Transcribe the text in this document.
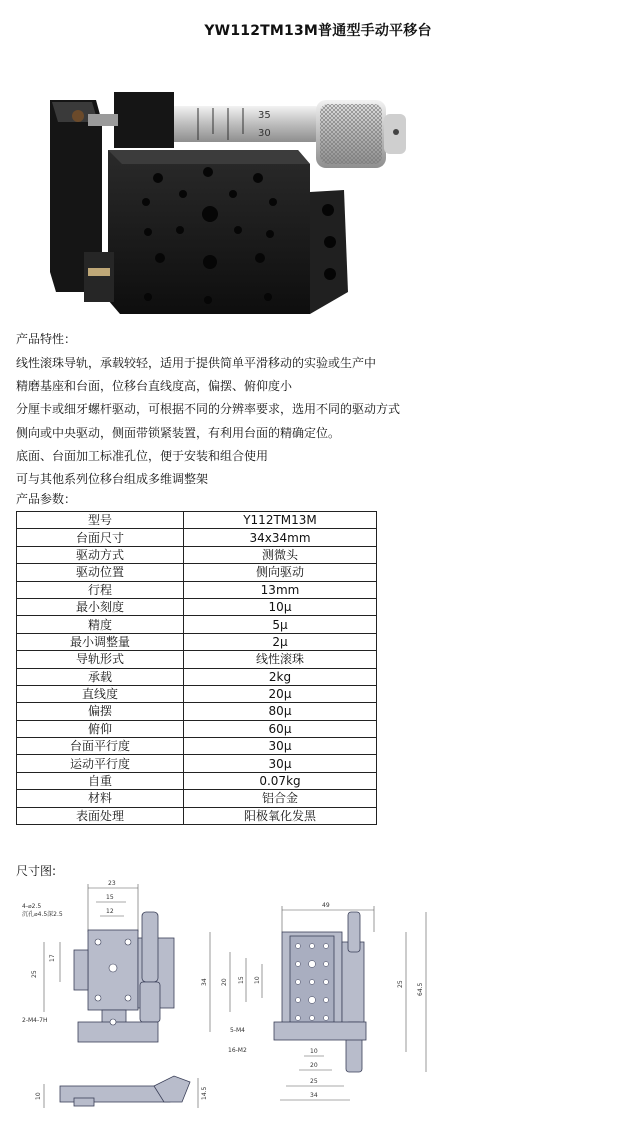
YW112TM13M普通型手动平移台
35
30
产品特性：
线性滚珠导轨，承载较轻，适用于提供简单平滑移动的实验或生产中
精磨基座和台面，位移台直线度高，偏摆、俯仰度小
分厘卡或细牙螺杆驱动，可根据不同的分辨率要求，选用不同的驱动方式
侧向或中央驱动，侧面带锁紧装置，有利用台面的精确定位。
底面、台面加工标准孔位，便于安装和组合使用
可与其他系列位移台组成多维调整架
产品参数：
型号	Y112TM13M
台面尺寸	34x34mm
驱动方式	测微头
驱动位置	侧向驱动
行程	13mm
最小刻度	10μ
精度	5μ
最小调整量	2μ
导轨形式	线性滚珠
承载	2kg
直线度	20μ
偏摆	80μ
俯仰	60μ
台面平行度	30μ
运动平行度	30μ
自重	0.07kg
材料	铝合金
表面处理	阳极氧化发黑
尺寸图:
23
15
12
17
25
4-⌀2.5
沉孔⌀4.5深2.5
2-M4-7H
49
34 20 15 10
25 64.5
10
20
25
34
5-M4
16-M2
10	14.5
